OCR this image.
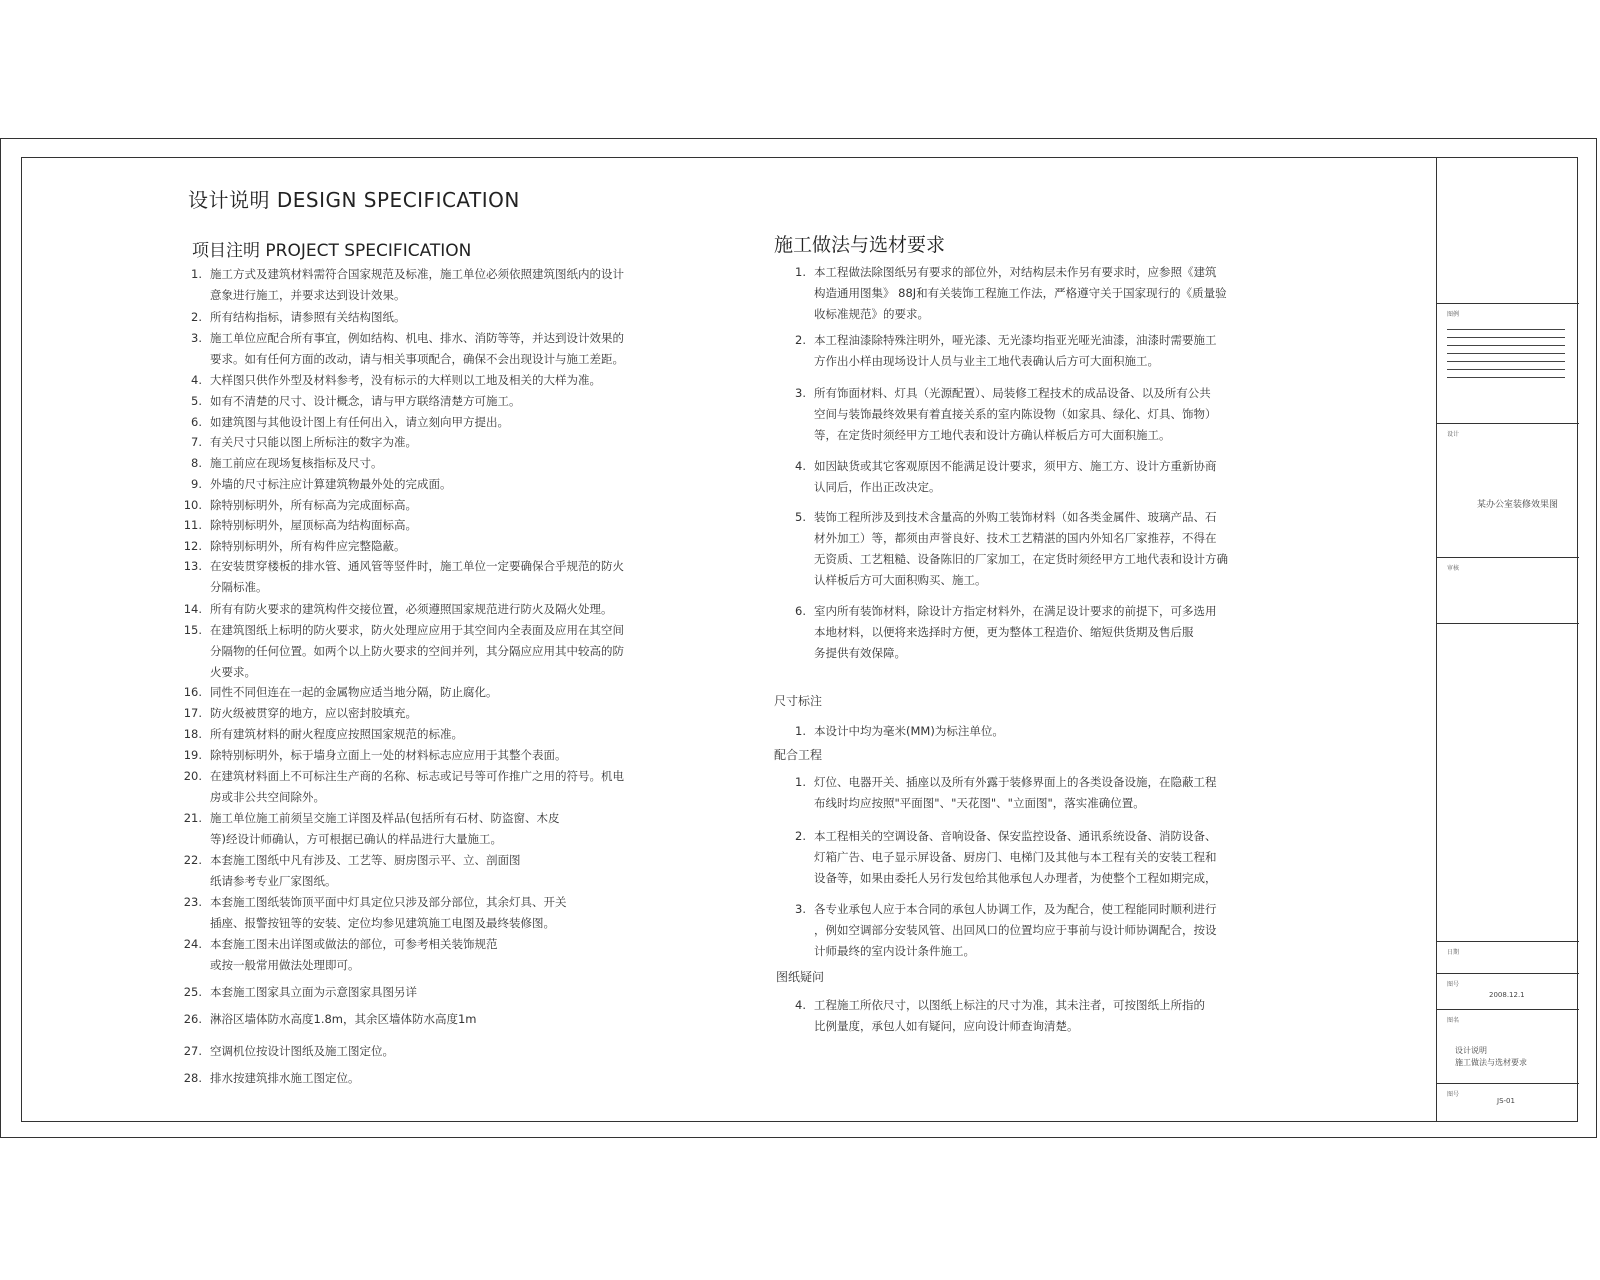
设计说明 DESIGN SPECIFICATION
项目注明 PROJECT SPECIFICATION
1. 施工方式及建筑材料需符合国家规范及标准，施工单位必须依照建筑图纸内的设计
意象进行施工，并要求达到设计效果。
2. 所有结构指标，请参照有关结构图纸。
3. 施工单位应配合所有事宜，例如结构、机电、排水、消防等等，并达到设计效果的
要求。如有任何方面的改动，请与相关事项配合，确保不会出现设计与施工差距。
4. 大样图只供作外型及材料参考，没有标示的大样则以工地及相关的大样为准。
5. 如有不清楚的尺寸、设计概念，请与甲方联络清楚方可施工。
6. 如建筑图与其他设计图上有任何出入，请立刻向甲方提出。
7. 有关尺寸只能以图上所标注的数字为准。
8. 施工前应在现场复核指标及尺寸。
9. 外墙的尺寸标注应计算建筑物最外处的完成面。
10. 除特别标明外，所有标高为完成面标高。
11. 除特别标明外，屋顶标高为结构面标高。
12. 除特别标明外，所有构件应完整隐蔽。
13. 在安装贯穿楼板的排水管、通风管等竖件时，施工单位一定要确保合乎规范的防火
分隔标准。
14. 所有有防火要求的建筑构件交接位置，必须遵照国家规范进行防火及隔火处理。
15. 在建筑图纸上标明的防火要求，防火处理应应用于其空间内全表面及应用在其空间
分隔物的任何位置。如两个以上防火要求的空间并列，其分隔应应用其中较高的防
火要求。
16. 同性不同但连在一起的金属物应适当地分隔，防止腐化。
17. 防火级被贯穿的地方，应以密封胶填充。
18. 所有建筑材料的耐火程度应按照国家规范的标准。
19. 除特别标明外，标于墙身立面上一处的材料标志应应用于其整个表面。
20. 在建筑材料面上不可标注生产商的名称、标志或记号等可作推广之用的符号。机电
房或非公共空间除外。
21. 施工单位施工前须呈交施工详图及样品(包括所有石材、防盗窗、木皮
等)经设计师确认，方可根据已确认的样品进行大量施工。
22. 本套施工图纸中凡有涉及、工艺等、厨房图示平、立、剖面图
纸请参考专业厂家图纸。
23. 本套施工图纸装饰顶平面中灯具定位只涉及部分部位，其余灯具、开关
插座、报警按钮等的安装、定位均参见建筑施工电图及最终装修图。
24. 本套施工图未出详图或做法的部位，可参考相关装饰规范
或按一般常用做法处理即可。
25. 本套施工图家具立面为示意图家具图另详
26. 淋浴区墙体防水高度1.8m，其余区墙体防水高度1m
27. 空调机位按设计图纸及施工图定位。
28. 排水按建筑排水施工图定位。
施工做法与选材要求
1. 本工程做法除图纸另有要求的部位外，对结构层未作另有要求时，应参照《建筑
构造通用图集》 88J和有关装饰工程施工作法，严格遵守关于国家现行的《质量验
收标准规范》的要求。
2. 本工程油漆除特殊注明外，哑光漆、无光漆均指亚光哑光油漆，油漆时需要施工
方作出小样由现场设计人员与业主工地代表确认后方可大面积施工。
3. 所有饰面材料、灯具（光源配置）、局装修工程技术的成品设备、以及所有公共
空间与装饰最终效果有着直接关系的室内陈设物（如家具、绿化、灯具、饰物）
等，在定货时须经甲方工地代表和设计方确认样板后方可大面积施工。
4. 如因缺货或其它客观原因不能满足设计要求，须甲方、施工方、设计方重新协商
认同后，作出正改决定。
5. 装饰工程所涉及到技术含量高的外购工装饰材料（如各类金属件、玻璃产品、石
材外加工）等，都须由声誉良好、技术工艺精湛的国内外知名厂家推荐，不得在
无资质、工艺粗糙、设备陈旧的厂家加工，在定货时须经甲方工地代表和设计方确
认样板后方可大面积购买、施工。
6. 室内所有装饰材料，除设计方指定材料外，在满足设计要求的前提下，可多选用
本地材料，以便将来选择时方便，更为整体工程造价、缩短供货期及售后服
务提供有效保障。
尺寸标注
1. 本设计中均为毫米(MM)为标注单位。
配合工程
1. 灯位、电器开关、插座以及所有外露于装修界面上的各类设备设施，在隐蔽工程
布线时均应按照"平面图"、"天花图"、"立面图"，落实准确位置。
2. 本工程相关的空调设备、音响设备、保安监控设备、通讯系统设备、消防设备、
灯箱广告、电子显示屏设备、厨房门、电梯门及其他与本工程有关的安装工程和
设备等，如果由委托人另行发包给其他承包人办理者，为使整个工程如期完成，
3. 各专业承包人应于本合同的承包人协调工作，及为配合，使工程能同时顺利进行
，例如空调部分安装风管、出回风口的位置均应于事前与设计师协调配合，按设
计师最终的室内设计条件施工。
图纸疑问
4. 工程施工所依尺寸，以图纸上标注的尺寸为准，其未注者，可按图纸上所指的
比例量度，承包人如有疑问，应向设计师查询清楚。
图例
设计
某办公室装修效果图
审核
日期
图号
2008.12.1
图名
设计说明
施工做法与选材要求
图号
JS-01
